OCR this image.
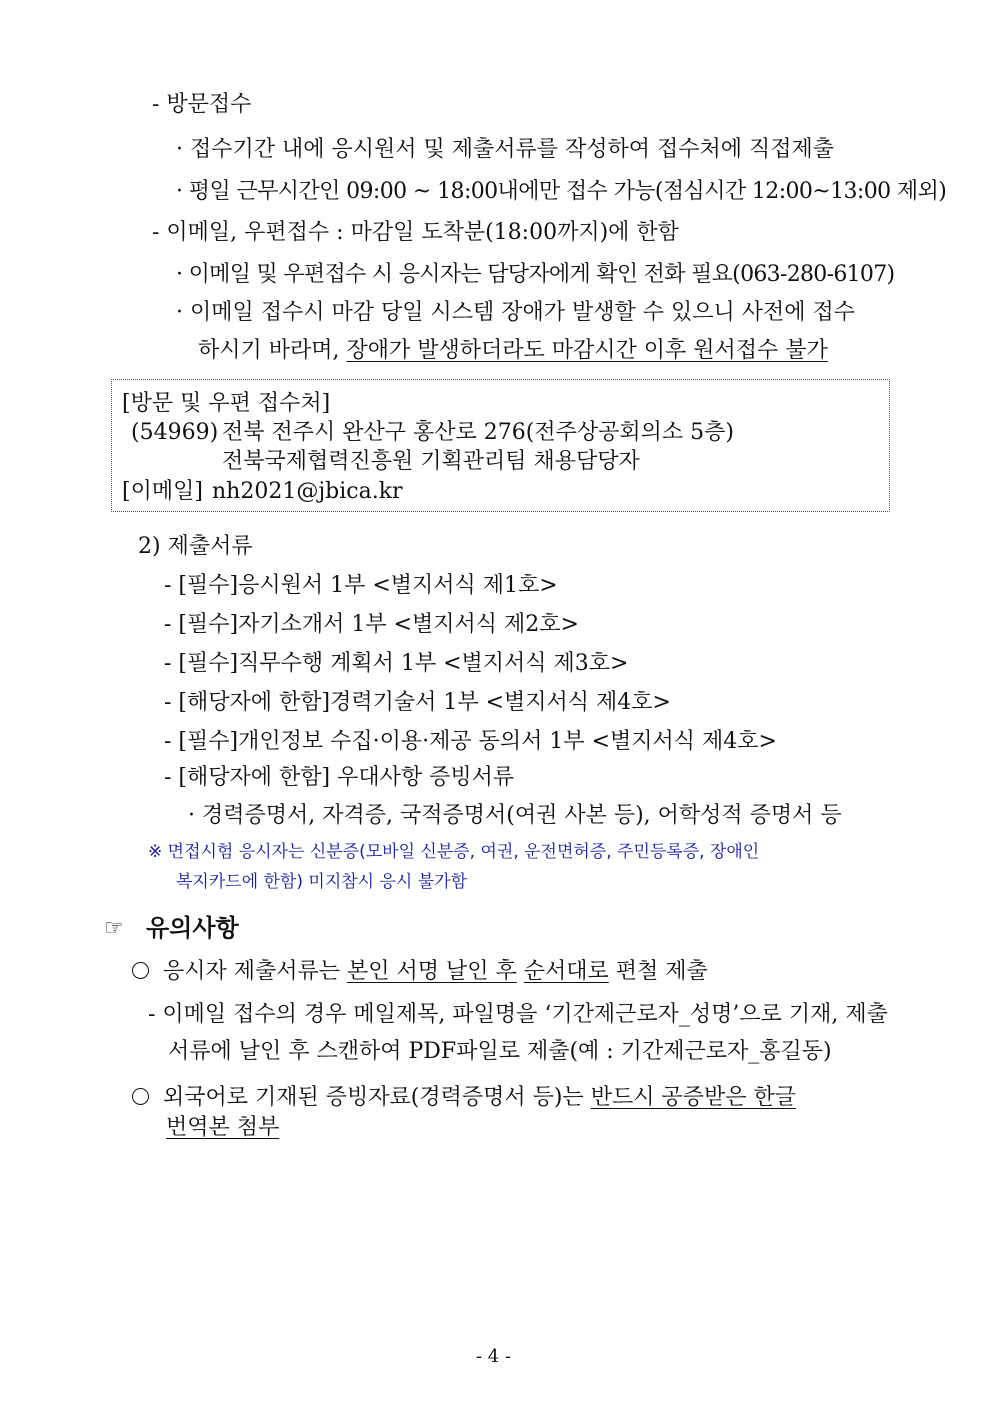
- 방문접수
· 접수기간 내에 응시원서 및 제출서류를 작성하여 접수처에 직접제출
· 평일 근무시간인 09:00 ~ 18:00내에만 접수 가능(점심시간 12:00~13:00 제외)
- 이메일, 우편접수 : 마감일 도착분(18:00까지)에 한함
· 이메일 및 우편접수 시 응시자는 담당자에게 확인 전화 필요(063-280-6107)
· 이메일 접수시 마감 당일 시스템 장애가 발생할 수 있으니 사전에 접수
하시기 바라며, 장애가 발생하더라도 마감시간 이후 원서접수 불가
[방문 및 우편 접수처]
(54969) 전북 전주시 완산구 홍산로 276(전주상공회의소 5층)
전북국제협력진흥원 기획관리팀 채용담당자
[이메일] nh2021@jbica.kr
2) 제출서류
- [필수]응시원서 1부 <별지서식 제1호>
- [필수]자기소개서 1부 <별지서식 제2호>
- [필수]직무수행 계획서 1부 <별지서식 제3호>
- [해당자에 한함]경력기술서 1부 <별지서식 제4호>
- [필수]개인정보 수집·이용·제공 동의서 1부 <별지서식 제4호>
- [해당자에 한함] 우대사항 증빙서류
· 경력증명서, 자격증, 국적증명서(여권 사본 등), 어학성적 증명서 등
※ 면접시험 응시자는 신분증(모바일 신분증, 여권, 운전면허증, 주민등록증, 장애인
복지카드에 한함) 미지참시 응시 불가함
☞ 유의사항
응시자 제출서류는 본인 서명 날인 후 순서대로 편철 제출
- 이메일 접수의 경우 메일제목, 파일명을 ‘기간제근로자_성명’으로 기재, 제출
서류에 날인 후 스캔하여 PDF파일로 제출(예 : 기간제근로자_홍길동)
외국어로 기재된 증빙자료(경력증명서 등)는 반드시 공증받은 한글
번역본 첨부
- 4 -
